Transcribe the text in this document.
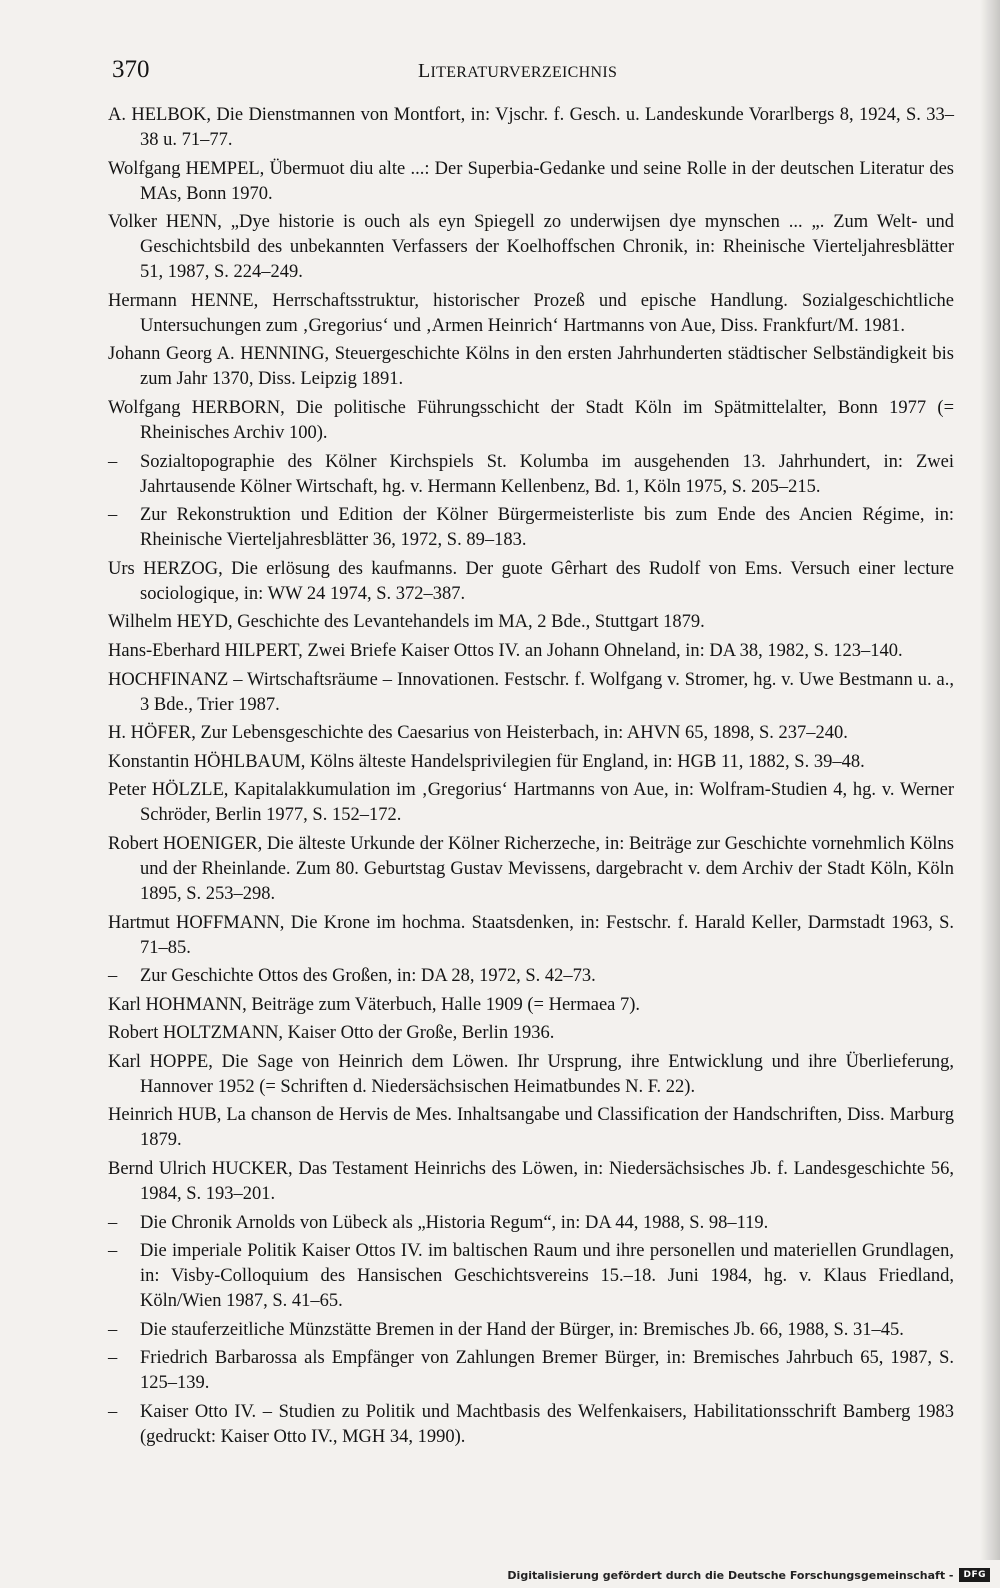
370	LITERATURVERZEICHNIS
A. HELBOK, Die Dienstmannen von Montfort, in: Vjschr. f. Gesch. u. Landeskunde Vorarlbergs 8, 1924, S. 33–38 u. 71–77.
Wolfgang HEMPEL, Übermuot diu alte ...: Der Superbia-Gedanke und seine Rolle in der deutschen Literatur des MAs, Bonn 1970.
Volker HENN, „Dye historie is ouch als eyn Spiegell zo underwijsen dye mynschen ... „. Zum Welt- und Geschichtsbild des unbekannten Verfassers der Koelhoffschen Chronik, in: Rheinische Vierteljahresblätter 51, 1987, S. 224–249.
Hermann HENNE, Herrschaftsstruktur, historischer Prozeß und epische Handlung. Sozialgeschichtliche Untersuchungen zum ‚Gregorius‘ und ‚Armen Heinrich‘ Hartmanns von Aue, Diss. Frankfurt/M. 1981.
Johann Georg A. HENNING, Steuergeschichte Kölns in den ersten Jahrhunderten städtischer Selbständigkeit bis zum Jahr 1370, Diss. Leipzig 1891.
Wolfgang HERBORN, Die politische Führungsschicht der Stadt Köln im Spätmittelalter, Bonn 1977 (= Rheinisches Archiv 100).
– Sozialtopographie des Kölner Kirchspiels St. Kolumba im ausgehenden 13. Jahrhundert, in: Zwei Jahrtausende Kölner Wirtschaft, hg. v. Hermann Kellenbenz, Bd. 1, Köln 1975, S. 205–215.
– Zur Rekonstruktion und Edition der Kölner Bürgermeisterliste bis zum Ende des Ancien Régime, in: Rheinische Vierteljahresblätter 36, 1972, S. 89–183.
Urs HERZOG, Die erlösung des kaufmanns. Der guote Gêrhart des Rudolf von Ems. Versuch einer lecture sociologique, in: WW 24 1974, S. 372–387.
Wilhelm HEYD, Geschichte des Levantehandels im MA, 2 Bde., Stuttgart 1879.
Hans-Eberhard HILPERT, Zwei Briefe Kaiser Ottos IV. an Johann Ohneland, in: DA 38, 1982, S. 123–140.
HOCHFINANZ – Wirtschaftsräume – Innovationen. Festschr. f. Wolfgang v. Stromer, hg. v. Uwe Bestmann u. a., 3 Bde., Trier 1987.
H. HÖFER, Zur Lebensgeschichte des Caesarius von Heisterbach, in: AHVN 65, 1898, S. 237–240.
Konstantin HÖHLBAUM, Kölns älteste Handelsprivilegien für England, in: HGB 11, 1882, S. 39–48.
Peter HÖLZLE, Kapitalakkumulation im ‚Gregorius‘ Hartmanns von Aue, in: Wolfram-Studien 4, hg. v. Werner Schröder, Berlin 1977, S. 152–172.
Robert HOENIGER, Die älteste Urkunde der Kölner Richerzeche, in: Beiträge zur Geschichte vornehmlich Kölns und der Rheinlande. Zum 80. Geburtstag Gustav Mevissens, dargebracht v. dem Archiv der Stadt Köln, Köln 1895, S. 253–298.
Hartmut HOFFMANN, Die Krone im hochma. Staatsdenken, in: Festschr. f. Harald Keller, Darmstadt 1963, S. 71–85.
– Zur Geschichte Ottos des Großen, in: DA 28, 1972, S. 42–73.
Karl HOHMANN, Beiträge zum Väterbuch, Halle 1909 (= Hermaea 7).
Robert HOLTZMANN, Kaiser Otto der Große, Berlin 1936.
Karl HOPPE, Die Sage von Heinrich dem Löwen. Ihr Ursprung, ihre Entwicklung und ihre Überlieferung, Hannover 1952 (= Schriften d. Niedersächsischen Heimatbundes N. F. 22).
Heinrich HUB, La chanson de Hervis de Mes. Inhaltsangabe und Classification der Handschriften, Diss. Marburg 1879.
Bernd Ulrich HUCKER, Das Testament Heinrichs des Löwen, in: Niedersächsisches Jb. f. Landesgeschichte 56, 1984, S. 193–201.
– Die Chronik Arnolds von Lübeck als „Historia Regum“, in: DA 44, 1988, S. 98–119.
– Die imperiale Politik Kaiser Ottos IV. im baltischen Raum und ihre personellen und materiellen Grundlagen, in: Visby-Colloquium des Hansischen Geschichtsvereins 15.–18. Juni 1984, hg. v. Klaus Friedland, Köln/Wien 1987, S. 41–65.
– Die stauferzeitliche Münzstätte Bremen in der Hand der Bürger, in: Bremisches Jb. 66, 1988, S. 31–45.
– Friedrich Barbarossa als Empfänger von Zahlungen Bremer Bürger, in: Bremisches Jahrbuch 65, 1987, S. 125–139.
– Kaiser Otto IV. – Studien zu Politik und Machtbasis des Welfenkaisers, Habilitationsschrift Bamberg 1983 (gedruckt: Kaiser Otto IV., MGH 34, 1990).
Digitalisierung gefördert durch die Deutsche Forschungsgemeinschaft -	DFG
